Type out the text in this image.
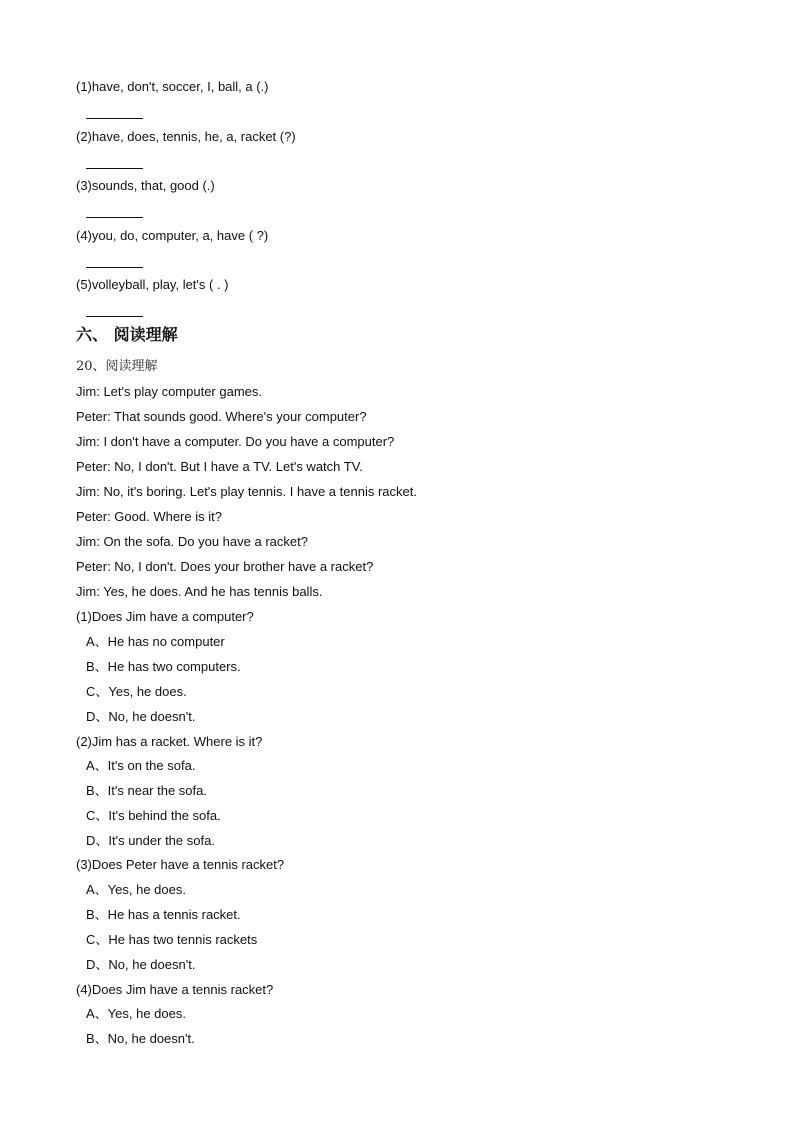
(1)have, don't, soccer, I, ball, a (.)
(2)have, does, tennis, he, a, racket (?)
(3)sounds, that, good (.)
(4)you, do, computer, a, have ( ?)
(5)volleyball, play, let's ( . )
六、 阅读理解
20、阅读理解
Jim: Let's play computer games.
Peter: That sounds good. Where's your computer?
Jim: I don't have a computer. Do you have a computer?
Peter: No, I don't. But I have a TV. Let's watch TV.
Jim: No, it's boring. Let's play tennis. I have a tennis racket.
Peter: Good. Where is it?
Jim: On the sofa. Do you have a racket?
Peter: No, I don't. Does your brother have a racket?
Jim: Yes, he does. And he has tennis balls.
(1)Does Jim have a computer?
A、He has no computer
B、He has two computers.
C、Yes, he does.
D、No, he doesn't.
(2)Jim has a racket. Where is it?
A、It's on the sofa.
B、It's near the sofa.
C、It's behind the sofa.
D、It's under the sofa.
(3)Does Peter have a tennis racket?
A、Yes, he does.
B、He has a tennis racket.
C、He has two tennis rackets
D、No, he doesn't.
(4)Does Jim have a tennis racket?
A、Yes, he does.
B、No, he doesn't.
